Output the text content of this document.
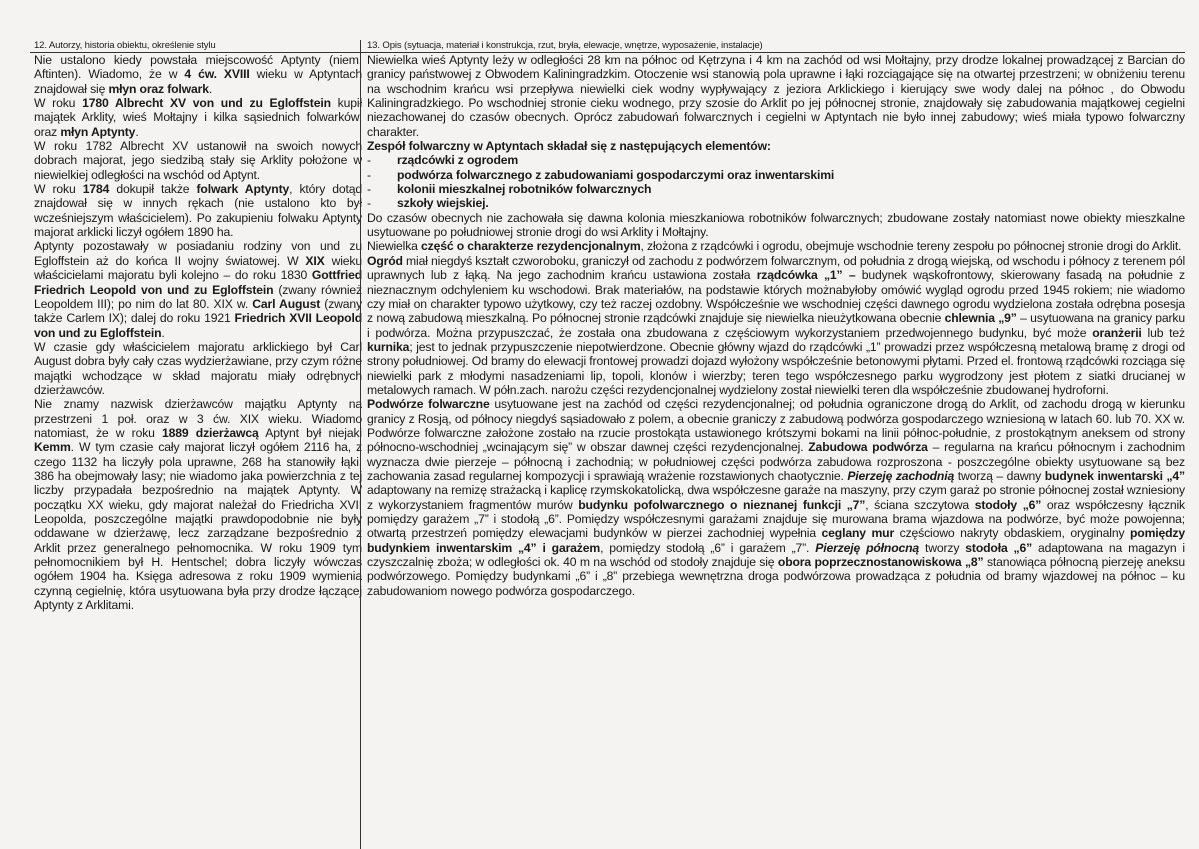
12. Autorzy, historia obiektu, określenie stylu

Nie ustalono kiedy powstała miejscowość Aptynty (niem. Aftinten). Wiadomo, że w 4 ćw. XVIII wieku w Aptyntach znajdował się młyn oraz folwark.

W roku 1780 Albrecht XV von und zu Egloffstein kupił majątek Arklity, wieś Mołtajny i kilka sąsiednich folwarków, oraz młyn Aptynty.

W roku 1782 Albrecht XV ustanowił na swoich nowych dobrach majorat, jego siedzibą stały się Arklity położone w niewielkiej odległości na wschód od Aptynt.

W roku 1784 dokupił także folwark Aptynty, który dotąd znajdował się w innych rękach (nie ustalono kto był wcześniejszym właścicielem). Po zakupieniu folwaku Aptynty majorat arklicki liczył ogółem 1890 ha.

Aptynty pozostawały w posiadaniu rodziny von und zu Egloffstein aż do końca II wojny światowej. W XIX wieku właścicielami majoratu byli kolejno – do roku 1830 Gottfried Friedrich Leopold von und zu Egloffstein (zwany również Leopoldem III); po nim do lat 80. XIX w. Carl August (zwany także Carlem IX); dalej do roku 1921 Friedrich XVII Leopold von und zu Egloffstein.

W czasie gdy właścicielem majoratu arklickiego był Carl August dobra były cały czas wydzierżawiane, przy czym różne majątki wchodzące w skład majoratu miały odrębnych dzierżawców.

Nie znamy nazwisk dzierżawców majątku Aptynty na przestrzeni 1 poł. oraz w 3 ćw. XIX wieku. Wiadomo natomiast, że w roku 1889 dzierżawcą Aptynt był niejaki Kemm. W tym czasie cały majorat liczył ogółem 2116 ha, z czego 1132 ha liczyły pola uprawne, 268 ha stanowiły łąki, 386 ha obejmowały lasy; nie wiadomo jaka powierzchnia z tej liczby przypadała bezpośrednio na majątek Aptynty. W początku XX wieku, gdy majorat należał do Friedricha XVII Leopolda, poszczególne majątki prawdopodobnie nie były oddawane w dzierżawę, lecz zarządzane bezpośrednio z Arklit przez generalnego pełnomocnika. W roku 1909 tym pełnomocnikiem był H. Hentschel; dobra liczyły wówczas ogółem 1904 ha. Księga adresowa z roku 1909 wymienia czynną cegielnię, która usytuowana była przy drodze łączącej Aptynty z Arklitami.

13. Opis (sytuacja, materiał i konstrukcja, rzut, bryła, elewacje, wnętrze, wyposażenie, instalacje)

Niewielka wieś Aptynty leży w odległości 28 km na północ od Kętrzyna i 4 km na zachód od wsi Mołtajny, przy drodze lokalnej prowadzącej z Barcian do granicy państwowej z Obwodem Kaliningradzkim. Otoczenie wsi stanowią pola uprawne i łąki rozciągające się na otwartej przestrzeni; w obniżeniu terenu na wschodnim krańcu wsi przepływa niewielki ciek wodny wypływający z jeziora Arklickiego i kierujący swe wody dalej na północ , do Obwodu Kaliningradzkiego. Po wschodniej stronie cieku wodnego, przy szosie do Arklit po jej północnej stronie, znajdowały się zabudowania majątkowej cegielni niezachowanej do czasów obecnych. Oprócz zabudowań folwarcznych i cegielni w Aptyntach nie było innej zabudowy; wieś miała typowo folwarczny charakter.

Zespół folwarczny w Aptyntach składał się z następujących elementów:

-	rządcówki z ogrodem
-	podwórza folwarcznego z zabudowaniami gospodarczymi oraz inwentarskimi
-	kolonii mieszkalnej robotników folwarcznych
-	szkoły wiejskiej.

Do czasów obecnych nie zachowała się dawna kolonia mieszkaniowa robotników folwarcznych; zbudowane zostały natomiast nowe obiekty mieszkalne usytuowane po południowej stronie drogi do wsi Arklity i Mołtajny.

Niewielka część o charakterze rezydencjonalnym, złożona z rządcówki i ogrodu, obejmuje wschodnie tereny zespołu po północnej stronie drogi do Arklit.

Ogród miał niegdyś kształt czworoboku, graniczył od zachodu z podwórzem folwarcznym, od południa z drogą wiejską, od wschodu i północy z terenem pól uprawnych lub z łąką. Na jego zachodnim krańcu ustawiona została rządcówka „1” – budynek wąskofrontowy, skierowany fasadą na południe z nieznacznym odchyleniem ku wschodowi. Brak materiałów, na podstawie których możnabyłoby omówić wygląd ogrodu przed 1945 rokiem; nie wiadomo czy miał on charakter typowo użytkowy, czy też raczej ozdobny. Współcześnie we wschodniej części dawnego ogrodu wydzielona została odrębna posesja z nową zabudową mieszkalną. Po północnej stronie rządcówki znajduje się niewielka nieużytkowana obecnie chlewnia „9” – usytuowana na granicy parku i podwórza. Można przypuszczać, że została ona zbudowana z częściowym wykorzystaniem przedwojennego budynku, być może oranżerii lub też kurnika; jest to jednak przypuszczenie niepotwierdzone. Obecnie główny wjazd do rządcówki „1” prowadzi przez współczesną metalową bramę z drogi od strony południowej. Od bramy do elewacji frontowej prowadzi dojazd wyłożony współcześnie betonowymi płytami. Przed el. frontową rządcówki rozciąga się niewielki park z młodymi nasadzeniami lip, topoli, klonów i wierzby; teren tego współczesnego parku wygrodzony jest płotem z siatki drucianej w metalowych ramach. W półn.zach. narożu części rezydencjonalnej wydzielony został niewielki teren dla współcześnie zbudowanej hydroforni.

Podwórze folwarczne usytuowane jest na zachód od części rezydencjonalnej; od południa ograniczone drogą do Arklit, od zachodu drogą w kierunku granicy z Rosją, od północy niegdyś sąsiadowało z polem, a obecnie graniczy z zabudową podwórza gospodarczego wzniesioną w latach 60. lub 70. XX w. Podwórze folwarczne założone zostało na rzucie prostokąta ustawionego krótszymi bokami na linii północ-południe, z prostokątnym aneksem od strony północno-wschodniej „wcinającym się” w obszar dawnej części rezydencjonalnej. Zabudowa podwórza – regularna na krańcu północnym i zachodnim wyznacza dwie pierzeje – północną i zachodnią; w południowej części podwórza zabudowa rozproszona - poszczególne obiekty usytuowane są bez zachowania zasad regularnej kompozycji i sprawiają wrażenie rozstawionych chaotycznie. Pierzeję zachodnią tworzą – dawny budynek inwentarski „4” adaptowany na remizę strażacką i kaplicę rzymskokatolicką, dwa współczesne garaże na maszyny, przy czym garaż po stronie północnej został wzniesiony z wykorzystaniem fragmentów murów budynku pofolwarcznego o nieznanej funkcji „7”, ściana szczytowa stodoły „6” oraz współczesny łącznik pomiędzy garażem „7” i stodołą „6”. Pomiędzy współczesnymi garażami znajduje się murowana brama wjazdowa na podwórze, być może powojenna; otwartą przestrzeń pomiędzy elewacjami budynków w pierzei zachodniej wypełnia ceglany mur częściowo nakryty obdaskiem, oryginalny pomiędzy budynkiem inwentarskim „4” i garażem, pomiędzy stodołą „6” i garażem „7”. Pierzeję północną tworzy stodoła „6” adaptowana na magazyn i czyszczalnię zboża; w odległości ok. 40 m na wschód od stodoły znajduje się obora poprzecznostanowiskowa „8” stanowiąca północną pierzeję aneksu podwórzowego. Pomiędzy budynkami „6” i „8” przebiega wewnętrzna droga podwórzowa prowadząca z południa od bramy wjazdowej na północ – ku zabudowaniom nowego podwórza gospodarczego.
